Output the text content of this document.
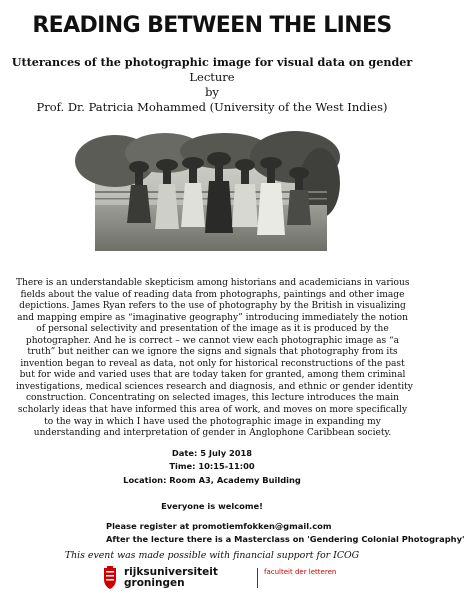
READING BETWEEN THE LINES
Utterances of the photographic image for visual data on gender
Lecture
by
Prof. Dr. Patricia Mohammed (University of the West Indies)
There is an understandable skepticism among historians and academicians in various
fields about the value of reading data from photographs, paintings and other image
depictions. James Ryan refers to the use of photography by the British in visualizing
and mapping empire as “imaginative geography” introducing immediately the notion
of personal selectivity and presentation of the image as it is produced by the
photographer. And he is correct – we cannot view each photographic image as “a
truth” but neither can we ignore the signs and signals that photography from its
invention began to reveal as data, not only for historical reconstructions of the past
but for wide and varied uses that are today taken for granted, among them criminal
investigations, medical sciences research and diagnosis, and ethnic or gender identity
construction. Concentrating on selected images, this lecture introduces the main
scholarly ideas that have informed this area of work, and moves on more specifically
to the way in which I have used the photographic image in expanding my
understanding and interpretation of gender in Anglophone Caribbean society.
Date: 5 July 2018
Time: 10:15-11:00
Location: Room A3, Academy Building
Everyone is welcome!
Please register at promotiemfokken@gmail.com
After the lecture there is a Masterclass on 'Gendering Colonial Photography'
This event was made possible with financial support for ICOG
rijksuniversiteit
groningen
faculteit der letteren
